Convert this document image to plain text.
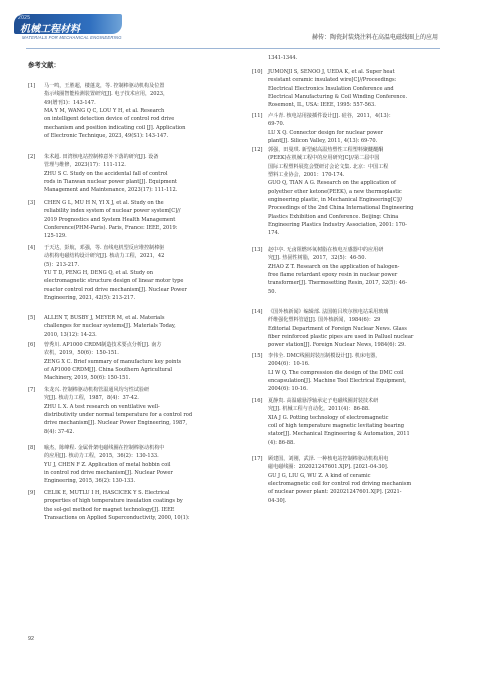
2025
机械工程材料
MATERIALS FOR MECHANICAL ENGINEERING	赫传：陶瓷封装烧注料在高温电磁线圈上的应用
参考文献：
[1]	马一鸣，王胜超，楼蓬龙，等. 控制棒驱动机构及位置
指示线圈智能检测装置研究[J]. 电子技术应用，2023，
49(增刊1)：143-147.
MA Y M, WANG Q C, LOU Y H, et al. Research
on intelligent detection device of control rod drive
mechanism and position indicating coil [J]. Application
of Electronic Technique, 2023, 49(S1): 143-147.
[2]	朱术超. 田湾核电站控制棒意外下落的研究[J]. 设备
管理与维修，2023(17)：111-112.
ZHU S C. Study on the accidental fall of control
rods in Tianwan nuclear power plant[J]. Equipment
Management and Maintenance, 2023(17): 111-112.
[3]	CHEN G L, MU H N, YI X J, et al. Study on the
reliability index system of nuclear power system[C]//
2019 Prognostics and System Health Management
Conference(PHM-Paris). Paris, France: IEEE, 2019:
125-129.
[4]	于天达，彭航，邓强，等. 直线电机型反应堆控制棒驱
动机构电磁结构设计研究[J]. 核动力工程，2021，42
(5)：213-217.
YU T D, PENG H, DENG Q, et al. Study on
electromagnetic structure design of linear motor type
reactor control rod drive mechanism[J]. Nuclear Power
Engineering, 2021, 42(5): 213-217.
[5]	ALLEN T, BUSBY J, MEYER M, et al. Materials
challenges for nuclear systems[J]. Materials Today,
2010, 13(12): 14-23.
[6]	曾秀川. AP1000 CRDM制造技术要点分析[J]. 南方
农机，2019，50(6)：150-151.
ZENG X C. Brief summary of manufacture key points
of AP1000 CRDM[J]. China Southern Agricultural
Machinery, 2019, 50(6): 150-151.
[7]	朱龙兴. 控制棒驱动机构管温通风均匀性试验研
究[J]. 核动力工程，1987，8(4)：37-42.
ZHU L X. A test research on ventilative well-
distributivity under normal temperature for a control rod
drive mechanism[J]. Nuclear Power Engineering, 1987,
8(4): 37-42.
[8]	喻杰，陈峰程. 金属骨架电磁线圈在控制棒驱动机构中
的应用[J]. 核动力工程，2015，36(2)：130-133.
YU J, CHEN F Z. Application of metal hobbin coil
in control rod drive mechanism[J]. Nuclear Power
Engineering, 2015, 36(2): 130-133.
[9]	CELIK E, MUTLU I H, HASCICEK Y S. Electrical
properties of high temperature insulation coatings by
the sol-gel method for magnet technology[J]. IEEE
Transactions on Applied Superconductivity, 2000, 10(1):
1341-1344.
[10]	JUMONJI S, SENOO J, UEDA K, et al. Super heat
resistant ceramic insulated wire[C]//Proceedings:
Electrical Electronics Insulation Conference and
Electrical Manufacturing & Coil Winding Conference.
Rosemont, IL, USA: IEEE, 1995: 557-563.
[11]	卢斗青. 核电站用接插件设计[J]. 硅谷，2011，4(13)：
69-70.
LU X Q. Connector design for nuclear power
plant[J]. Silicon Valley, 2011, 4(13): 69-70.
[12]	郭强，田曼琪. 新型耐高温热塑性工程塑料聚醚醚酮
(PEEK)在机械工程中的应用研究[C]//第二届中国
国际工程塑料展览会暨研讨会论文集. 北京：中国工程
塑料工业协会，2001：170-174.
GUO Q, TIAN A G. Research on the application of
polyether ether ketone(PEEK), a new thermoplastic
engineering plastic, in Mechanical Engineering[C]//
Proceedings of the 2nd China International Engineering
Plastics Exhibition and Conference. Beijing: China
Engineering Plastics Industry Association, 2001: 170-
174.
[13]	赵中亭. 无卤阻燃环氧树脂在核电互感器中的应用研
究[J]. 热固性树脂，2017，32(5)：46-50.
ZHAO Z T. Research on the application of halogen-
free flame retardant epoxy resin in nuclear power
transformer[J]. Thermosetting Resin, 2017, 32(5): 46-
50.
[14]	《国外核新闻》编辑部. 法国帕吕埃尔核电站采用玻璃
纤维强化塑料管道[J]. 国外核新闻，1984(6)：29
Editorial Department of Foreign Nuclear News. Glass
fiber reinforced plastic pipes are used in Palluel nuclear
power station[J]. Foreign Nuclear News, 1984(6): 29.
[15]	李伟全. DMC线圈封装压制模设计[J]. 机床电器，
2004(6)：10-16.
LI W Q. The compression die design of the DMC coil
encapsulation[J]. Machine Tool Electrical Equipment,
2004(6): 10-16.
[16]	夏静贵. 高温磁悬浮轴承定子电磁线圈封装技术研
究[J]. 机械工程与自动化，2011(4)：86-88.
XIA J G. Potting technology of electromagnetic
coil of high temperature magnetic levitating bearing
stator[J]. Mechanical Engineering & Automation, 2011
(4): 86-88.
[17]	顾建国，刘刚，武泽. 一种核电站控制棒驱动机构用电
磁电磁线圈：202021247601.X[P]. [2021-04-30].
GU J G, LIU G, WU Z. A kind of ceramic
electromagnetic coil for control rod driving mechanism
of nuclear power plant: 202021247601.X[P]. [2021-
04-30].
92
